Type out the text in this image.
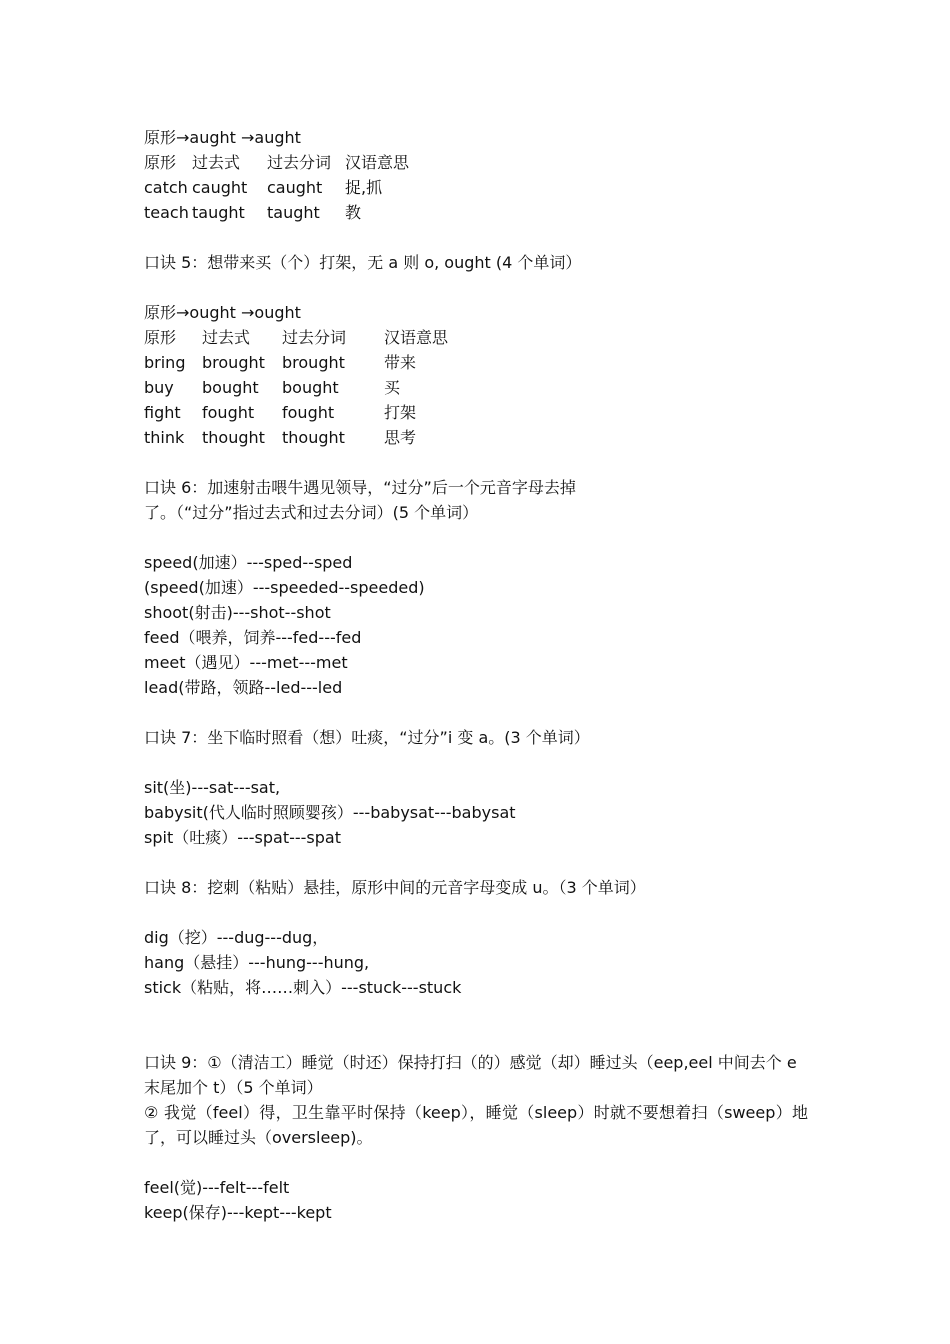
原形→aught →aught
原形 过去式	过去分词 汉语意思
catch caught	caught	捉,抓
teach taught	taught	教
口诀 5：想带来买（个）打架，无 a 则 o, ought (4 个单词）
原形→ought →ought
原形	过去式	过去分词	汉语意思
bring	brought	brought	带来
buy	bought	bought	买
fight	fought	fought	打架
think	thought	thought	思考
口诀 6：加速射击喂牛遇见领导，“过分”后一个元音字母去掉
了。（“过分”指过去式和过去分词）(5 个单词）
speed(加速）---sped--sped
(speed(加速）---speeded--speeded)
shoot(射击)---shot--shot
feed（喂养，饲养---fed---fed
meet（遇见）---met---met
lead(带路，领路--led---led
口诀 7：坐下临时照看（想）吐痰，“过分”i 变 a。(3 个单词）
sit(坐)---sat---sat,
babysit(代人临时照顾婴孩）---babysat---babysat
spit（吐痰）---spat---spat
口诀 8：挖刺（粘贴）悬挂，原形中间的元音字母变成 u。（3 个单词）
dig（挖）---dug---dug，
hang（悬挂）---hung---hung,
stick（粘贴，将……刺入）---stuck---stuck
口诀 9：①（清洁工）睡觉（时还）保持打扫（的）感觉（却）睡过头（eep,eel 中间去个 e 末尾加个 t）（5 个单词）
② 我觉（feel）得，卫生靠平时保持（keep），睡觉（sleep）时就不要想着扫（sweep）地了，可以睡过头（oversleep)。
feel(觉)---felt---felt
keep(保存)---kept---kept
